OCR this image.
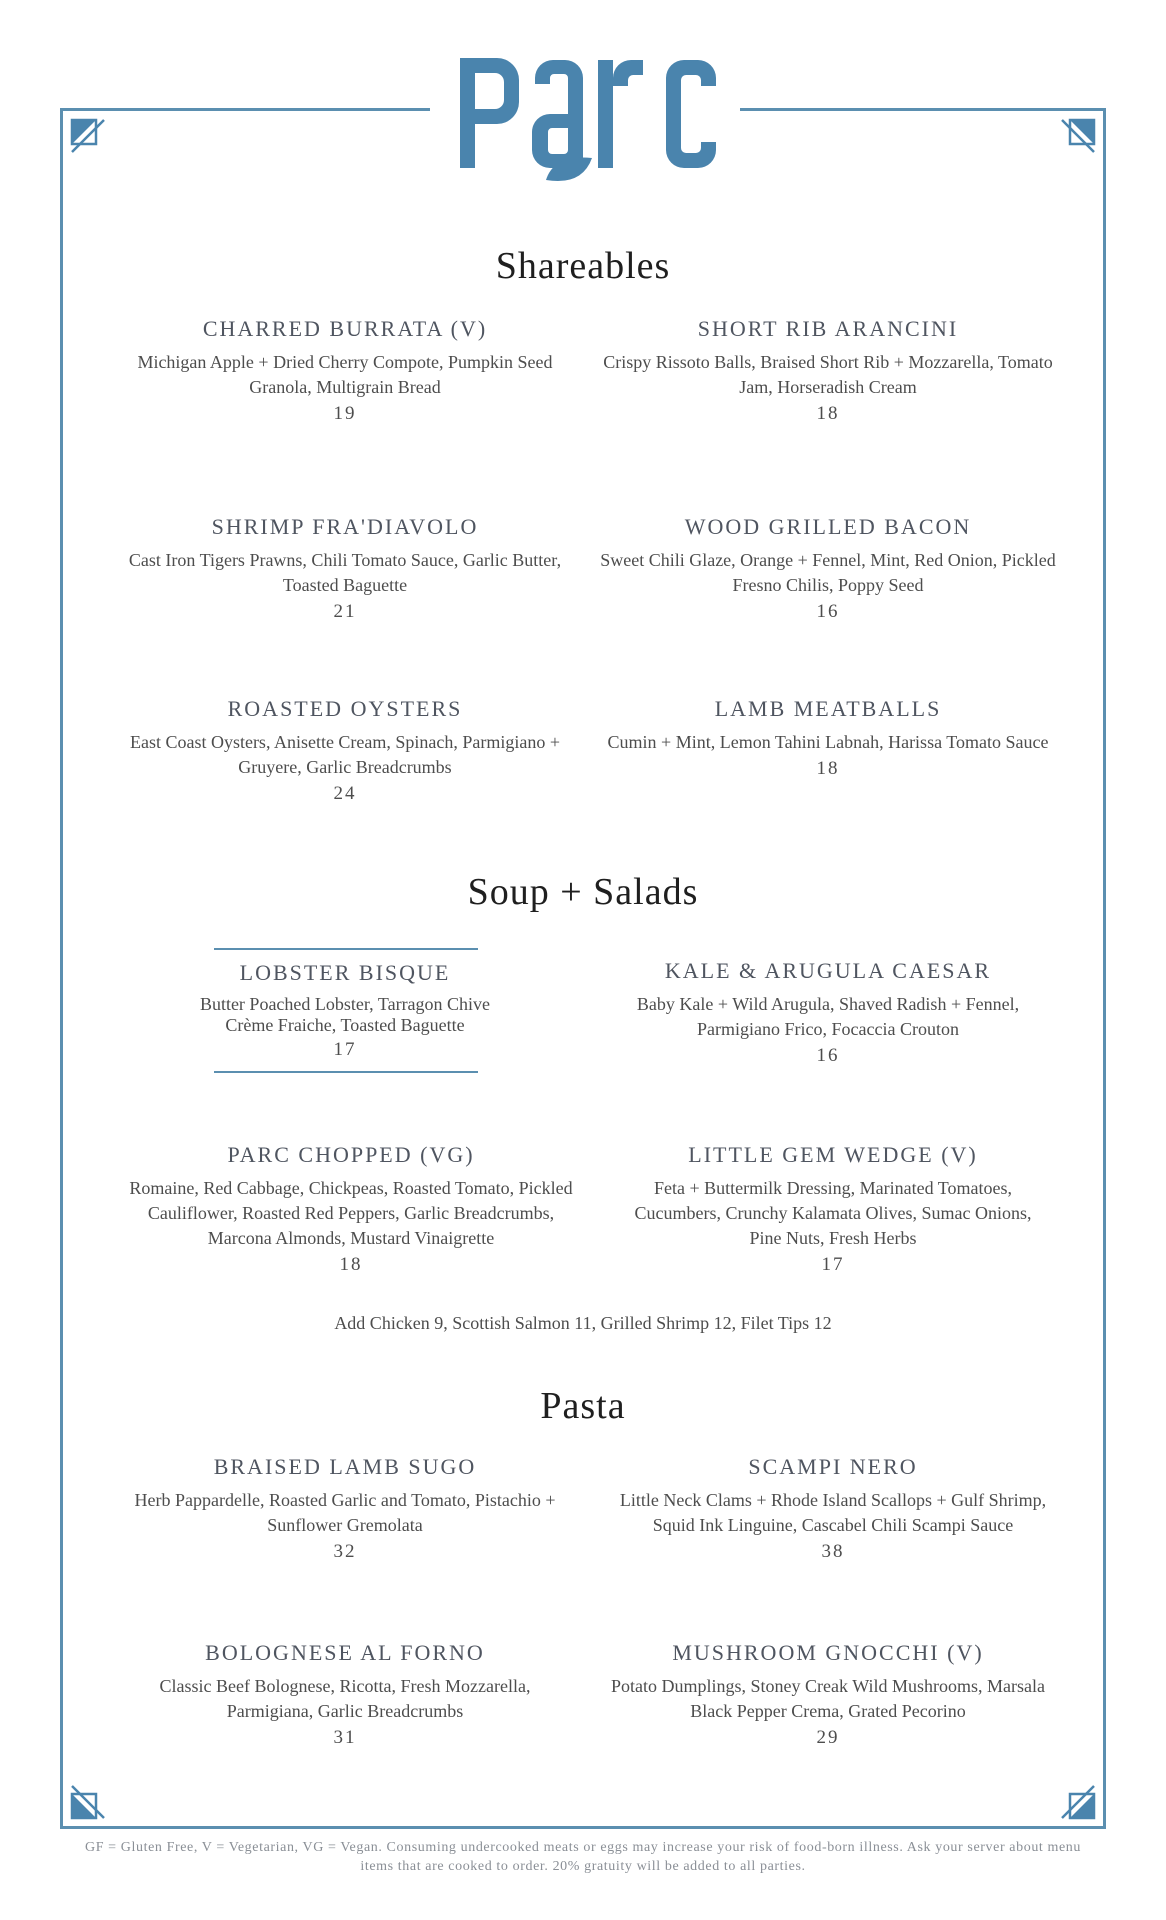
Shareables
CHARRED BURRATA (V)
Michigan Apple + Dried Cherry Compote, Pumpkin Seed Granola, Multigrain Bread
19
SHORT RIB ARANCINI
Crispy Rissoto Balls, Braised Short Rib + Mozzarella, Tomato Jam, Horseradish Cream
18
SHRIMP FRA'DIAVOLO
Cast Iron Tigers Prawns, Chili Tomato Sauce, Garlic Butter, Toasted Baguette
21
WOOD GRILLED BACON
Sweet Chili Glaze, Orange + Fennel, Mint, Red Onion, Pickled Fresno Chilis, Poppy Seed
16
ROASTED OYSTERS
East Coast Oysters, Anisette Cream, Spinach, Parmigiano + Gruyere, Garlic Breadcrumbs
24
LAMB MEATBALLS
Cumin + Mint, Lemon Tahini Labnah, Harissa Tomato Sauce
18
Soup + Salads
LOBSTER BISQUE
Butter Poached Lobster, Tarragon Chive Crème Fraiche, Toasted Baguette
17
KALE & ARUGULA CAESAR
Baby Kale + Wild Arugula, Shaved Radish + Fennel, Parmigiano Frico, Focaccia Crouton
16
PARC CHOPPED (VG)
Romaine, Red Cabbage, Chickpeas, Roasted Tomato, Pickled Cauliflower, Roasted Red Peppers, Garlic Breadcrumbs, Marcona Almonds, Mustard Vinaigrette
18
LITTLE GEM WEDGE (V)
Feta + Buttermilk Dressing, Marinated Tomatoes, Cucumbers, Crunchy Kalamata Olives, Sumac Onions, Pine Nuts, Fresh Herbs
17
Add Chicken 9, Scottish Salmon 11, Grilled Shrimp 12, Filet Tips 12
Pasta
BRAISED LAMB SUGO
Herb Pappardelle, Roasted Garlic and Tomato, Pistachio + Sunflower Gremolata
32
SCAMPI NERO
Little Neck Clams + Rhode Island Scallops + Gulf Shrimp, Squid Ink Linguine, Cascabel Chili Scampi Sauce
38
BOLOGNESE AL FORNO
Classic Beef Bolognese, Ricotta, Fresh Mozzarella, Parmigiana, Garlic Breadcrumbs
31
MUSHROOM GNOCCHI (V)
Potato Dumplings, Stoney Creak Wild Mushrooms, Marsala Black Pepper Crema, Grated Pecorino
29
GF = Gluten Free, V = Vegetarian, VG = Vegan. Consuming undercooked meats or eggs may increase your risk of food-born illness. Ask your server about menu items that are cooked to order. 20% gratuity will be added to all parties.
